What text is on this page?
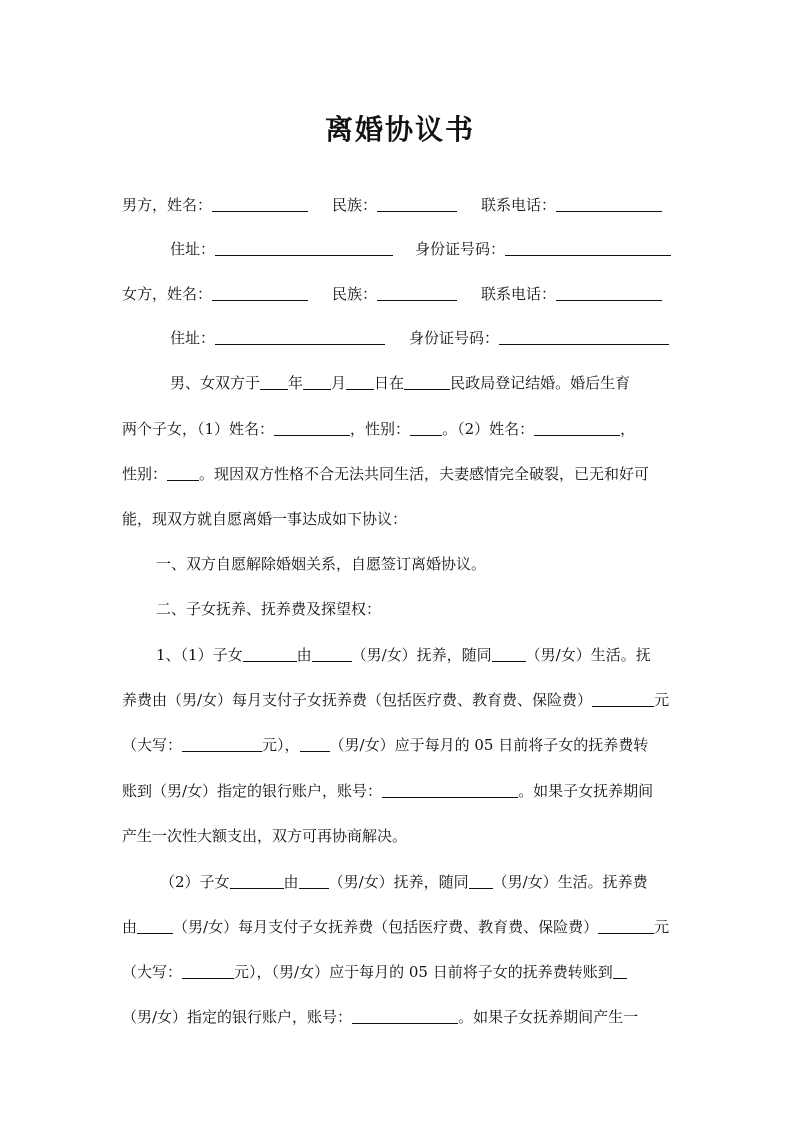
离婚协议书
男方，姓名：	民族：	联系电话：
住址：	身份证号码：
女方，姓名：	民族：	联系电话：
住址：	身份证号码：
男、女双方于 年 月 日在	民政局登记结婚。婚后生育
两个子女，（1）姓名：	，性别： 。（2）姓名：	，
性别： 。现因双方性格不合无法共同生活，夫妻感情完全破裂，已无和好可
能，现双方就自愿离婚一事达成如下协议：
一、双方自愿解除婚姻关系，自愿签订离婚协议。
二、子女抚养、抚养费及探望权：
1、（1）子女	由	（男/女）抚养，随同 （男/女）生活。抚
养费由（男/女）每月支付子女抚养费（包括医疗费、教育费、保险费）	元
（大写：	元）， （男/女）应于每月的 05 日前将子女的抚养费转
账到（男/女）指定的银行账户，账号：	。如果子女抚养期间
产生一次性大额支出，双方可再协商解决。
（2）子女	由 （男/女）抚养，随同 （男/女）生活。抚养费
由 （男/女）每月支付子女抚养费（包括医疗费、教育费、保险费）	元
（大写：	元），（男/女）应于每月的 05 日前将子女的抚养费转账到
（男/女）指定的银行账户，账号：	。如果子女抚养期间产生一
